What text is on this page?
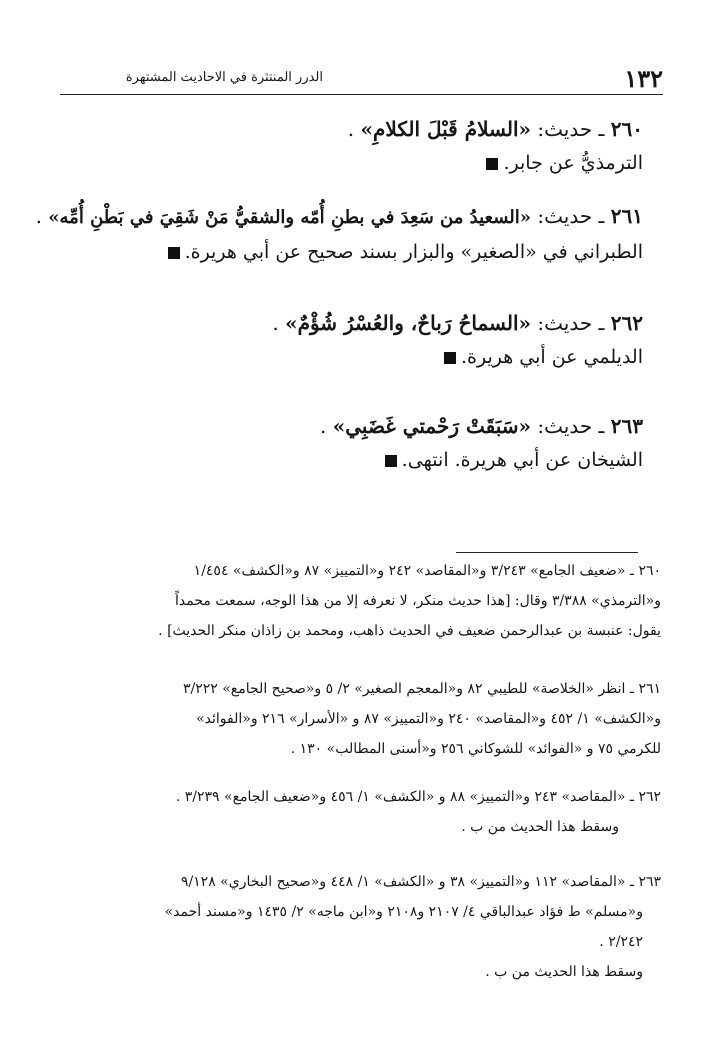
١٣٢
الدرر المنتثرة في الاحاديث المشتهرة
٢٦٠ ـ حديث: «السلامُ قَبْلَ الكلامِ» .
الترمذيُّ عن جابر.
٢٦١ ـ حديث: «السعيدُ من سَعِدَ في بطنِ أُمّه والشقيُّ مَنْ شَقِيَ في بَطْنِ أُمِّه» .
الطبراني في «الصغير» والبزار بسند صحيح عن أبي هريرة.
٢٦٢ ـ حديث: «السماحُ رَباحٌ، والعُسْرُ شُؤْمٌ» .
الديلمي عن أبي هريرة.
٢٦٣ ـ حديث: «سَبَقَتْ رَحْمتي غَضَبِي» .
الشيخان عن أبي هريرة. انتهى.
٢٦٠ ـ «ضعيف الجامع» ٣/٢٤٣ و«المقاصد» ٢٤٢ و«التمييز» ٨٧ و«الكشف» ١/٤٥٤
و«الترمذي» ٣/٣٨٨ وقال: [هذا حديث منكر، لا نعرفه إلا من هذا الوجه، سمعت محمداً
يقول: عنبسة بن عبدالرحمن ضعيف في الحديث ذاهب، ومحمد بن زاذان منكر الحديث] .
٢٦١ ـ انظر «الخلاصة» للطيبي ٨٢ و«المعجم الصغير» ٢/ ٥ و«صحيح الجامع» ٣/٢٢٢
و«الكشف» ١/ ٤٥٢ و«المقاصد» ٢٤٠ و«التمييز» ٨٧ و «الأسرار» ٢١٦ و«الفوائد»
للكرمي ٧٥ و «الفوائد» للشوكاني ٢٥٦ و«أسنى المطالب» ١٣٠ .
٢٦٢ ـ «المقاصد» ٢٤٣ و«التمييز» ٨٨ و «الكشف» ١/ ٤٥٦ و«ضعيف الجامع» ٣/٢٣٩ .
وسقط هذا الحديث من ب .
٢٦٣ ـ «المقاصد» ١١٢ و«التمييز» ٣٨ و «الكشف» ١/ ٤٤٨ و«صحيح البخاري» ٩/١٢٨
و«مسلم» ط فؤاد عبدالباقي ٤/ ٢١٠٧ و٢١٠٨ و«ابن ماجه» ٢/ ١٤٣٥ و«مسند أحمد»
٢/٢٤٢ .
وسقط هذا الحديث من ب .
